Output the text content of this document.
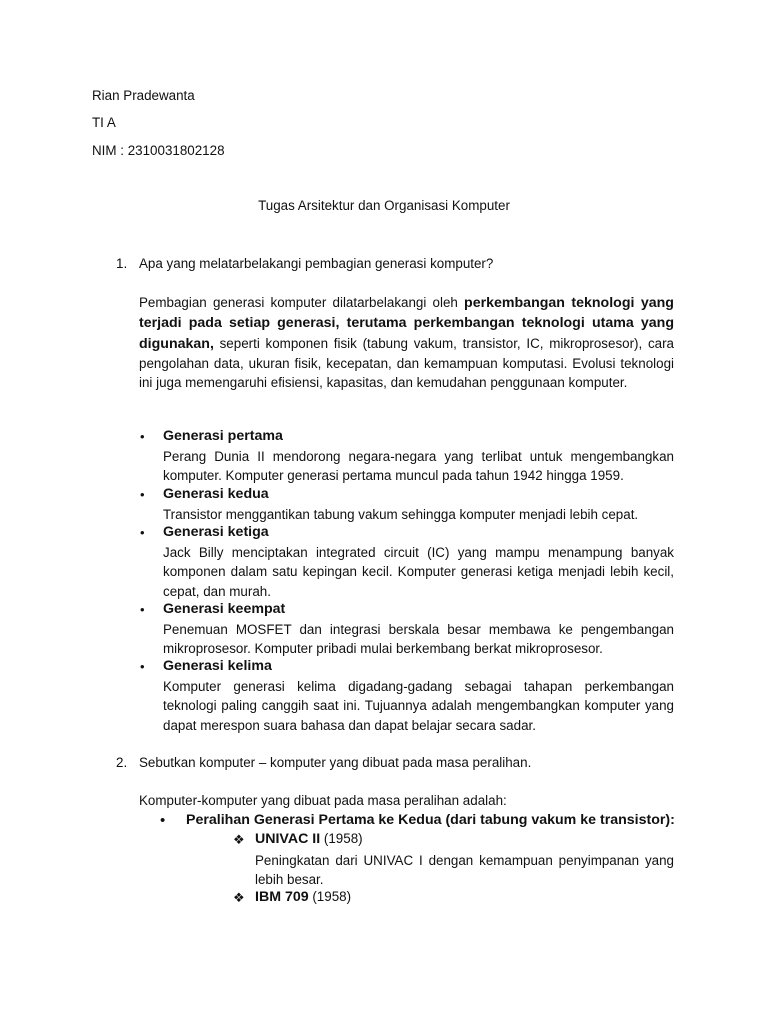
Rian Pradewanta
TI A
NIM : 2310031802128
Tugas Arsitektur dan Organisasi Komputer
1. Apa yang melatarbelakangi pembagian generasi komputer?
Pembagian generasi komputer dilatarbelakangi oleh perkembangan teknologi yang terjadi pada setiap generasi, terutama perkembangan teknologi utama yang digunakan, seperti komponen fisik (tabung vakum, transistor, IC, mikroprosesor), cara pengolahan data, ukuran fisik, kecepatan, dan kemampuan komputasi. Evolusi teknologi ini juga memengaruhi efisiensi, kapasitas, dan kemudahan penggunaan komputer.
• Generasi pertama
Perang Dunia II mendorong negara-negara yang terlibat untuk mengembangkan komputer. Komputer generasi pertama muncul pada tahun 1942 hingga 1959.
• Generasi kedua
Transistor menggantikan tabung vakum sehingga komputer menjadi lebih cepat.
• Generasi ketiga
Jack Billy menciptakan integrated circuit (IC) yang mampu menampung banyak komponen dalam satu kepingan kecil. Komputer generasi ketiga menjadi lebih kecil, cepat, dan murah.
• Generasi keempat
Penemuan MOSFET dan integrasi berskala besar membawa ke pengembangan mikroprosesor. Komputer pribadi mulai berkembang berkat mikroprosesor.
• Generasi kelima
Komputer generasi kelima digadang-gadang sebagai tahapan perkembangan teknologi paling canggih saat ini. Tujuannya adalah mengembangkan komputer yang dapat merespon suara bahasa dan dapat belajar secara sadar.
2. Sebutkan komputer – komputer yang dibuat pada masa peralihan.
Komputer-komputer yang dibuat pada masa peralihan adalah:
• Peralihan Generasi Pertama ke Kedua (dari tabung vakum ke transistor):
❖ UNIVAC II (1958)
Peningkatan dari UNIVAC I dengan kemampuan penyimpanan yang lebih besar.
❖ IBM 709 (1958)
